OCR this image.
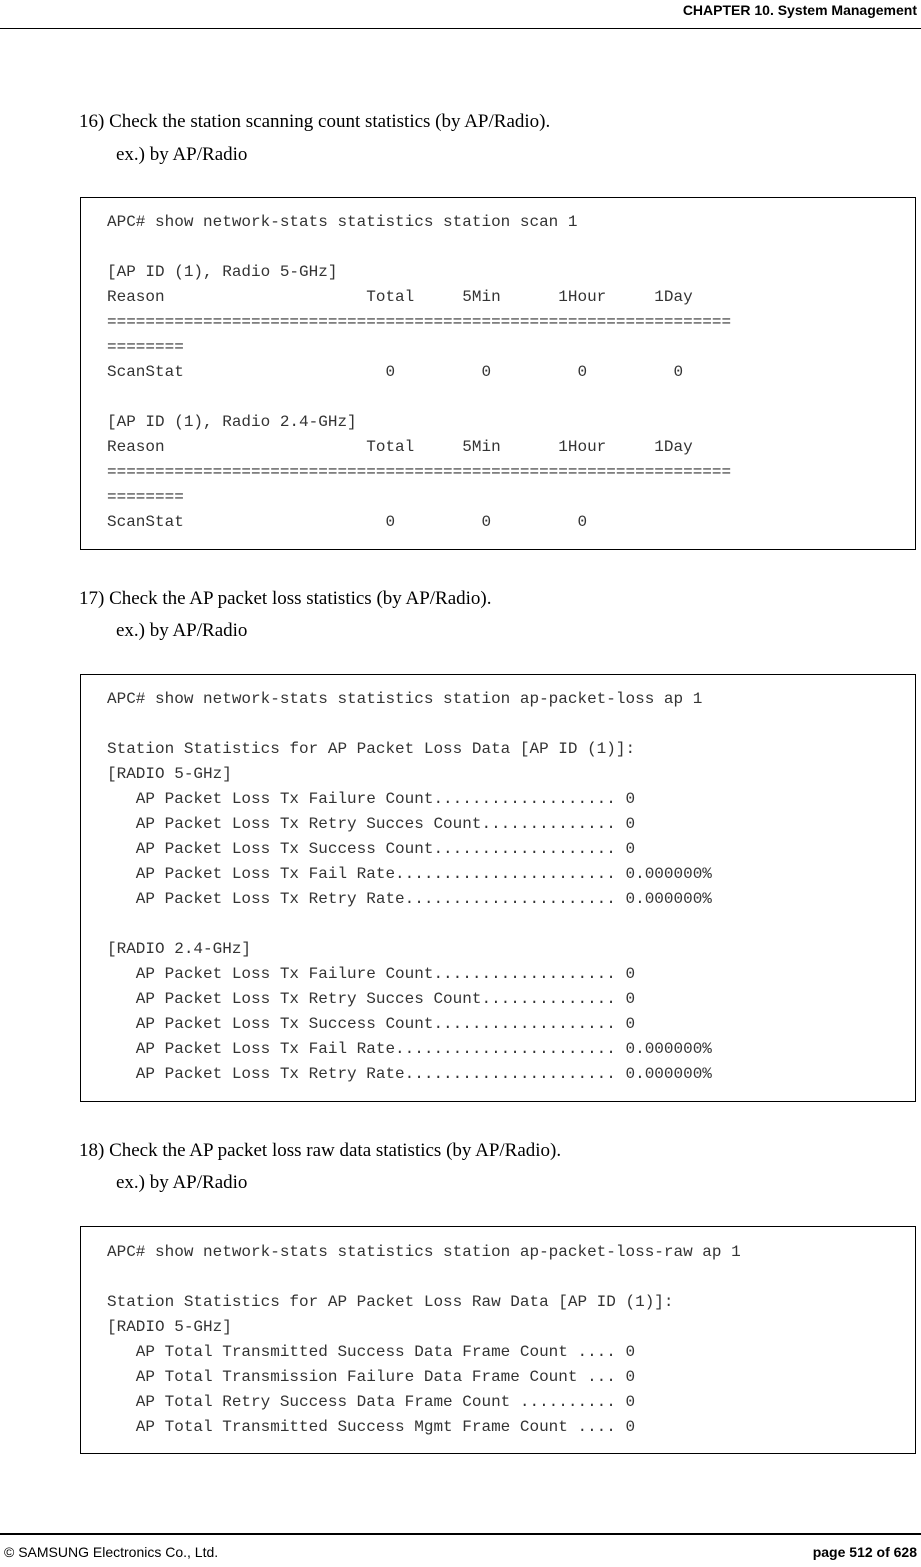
CHAPTER 10. System Management
16) Check the station scanning count statistics (by AP/Radio).
ex.) by AP/Radio
APC# show network-stats statistics station scan 1

[AP ID (1), Radio 5-GHz]
Reason                     Total     5Min      1Hour     1Day
=================================================================
========
ScanStat                     0         0         0         0

[AP ID (1), Radio 2.4-GHz]
Reason                     Total     5Min      1Hour     1Day
=================================================================
========
ScanStat                     0         0         0
17) Check the AP packet loss statistics (by AP/Radio).
ex.) by AP/Radio
APC# show network-stats statistics station ap-packet-loss ap 1

Station Statistics for AP Packet Loss Data [AP ID (1)]:
[RADIO 5-GHz]
AP Packet Loss Tx Failure Count................... 0
AP Packet Loss Tx Retry Succes Count.............. 0
AP Packet Loss Tx Success Count................... 0
AP Packet Loss Tx Fail Rate....................... 0.000000%
AP Packet Loss Tx Retry Rate...................... 0.000000%

[RADIO 2.4-GHz]
AP Packet Loss Tx Failure Count................... 0
AP Packet Loss Tx Retry Succes Count.............. 0
AP Packet Loss Tx Success Count................... 0
AP Packet Loss Tx Fail Rate....................... 0.000000%
AP Packet Loss Tx Retry Rate...................... 0.000000%
18) Check the AP packet loss raw data statistics (by AP/Radio).
ex.) by AP/Radio
APC# show network-stats statistics station ap-packet-loss-raw ap 1

Station Statistics for AP Packet Loss Raw Data [AP ID (1)]:
[RADIO 5-GHz]
AP Total Transmitted Success Data Frame Count .... 0
AP Total Transmission Failure Data Frame Count ... 0
AP Total Retry Success Data Frame Count .......... 0
AP Total Transmitted Success Mgmt Frame Count .... 0
© SAMSUNG Electronics Co., Ltd.	page 512 of 628
